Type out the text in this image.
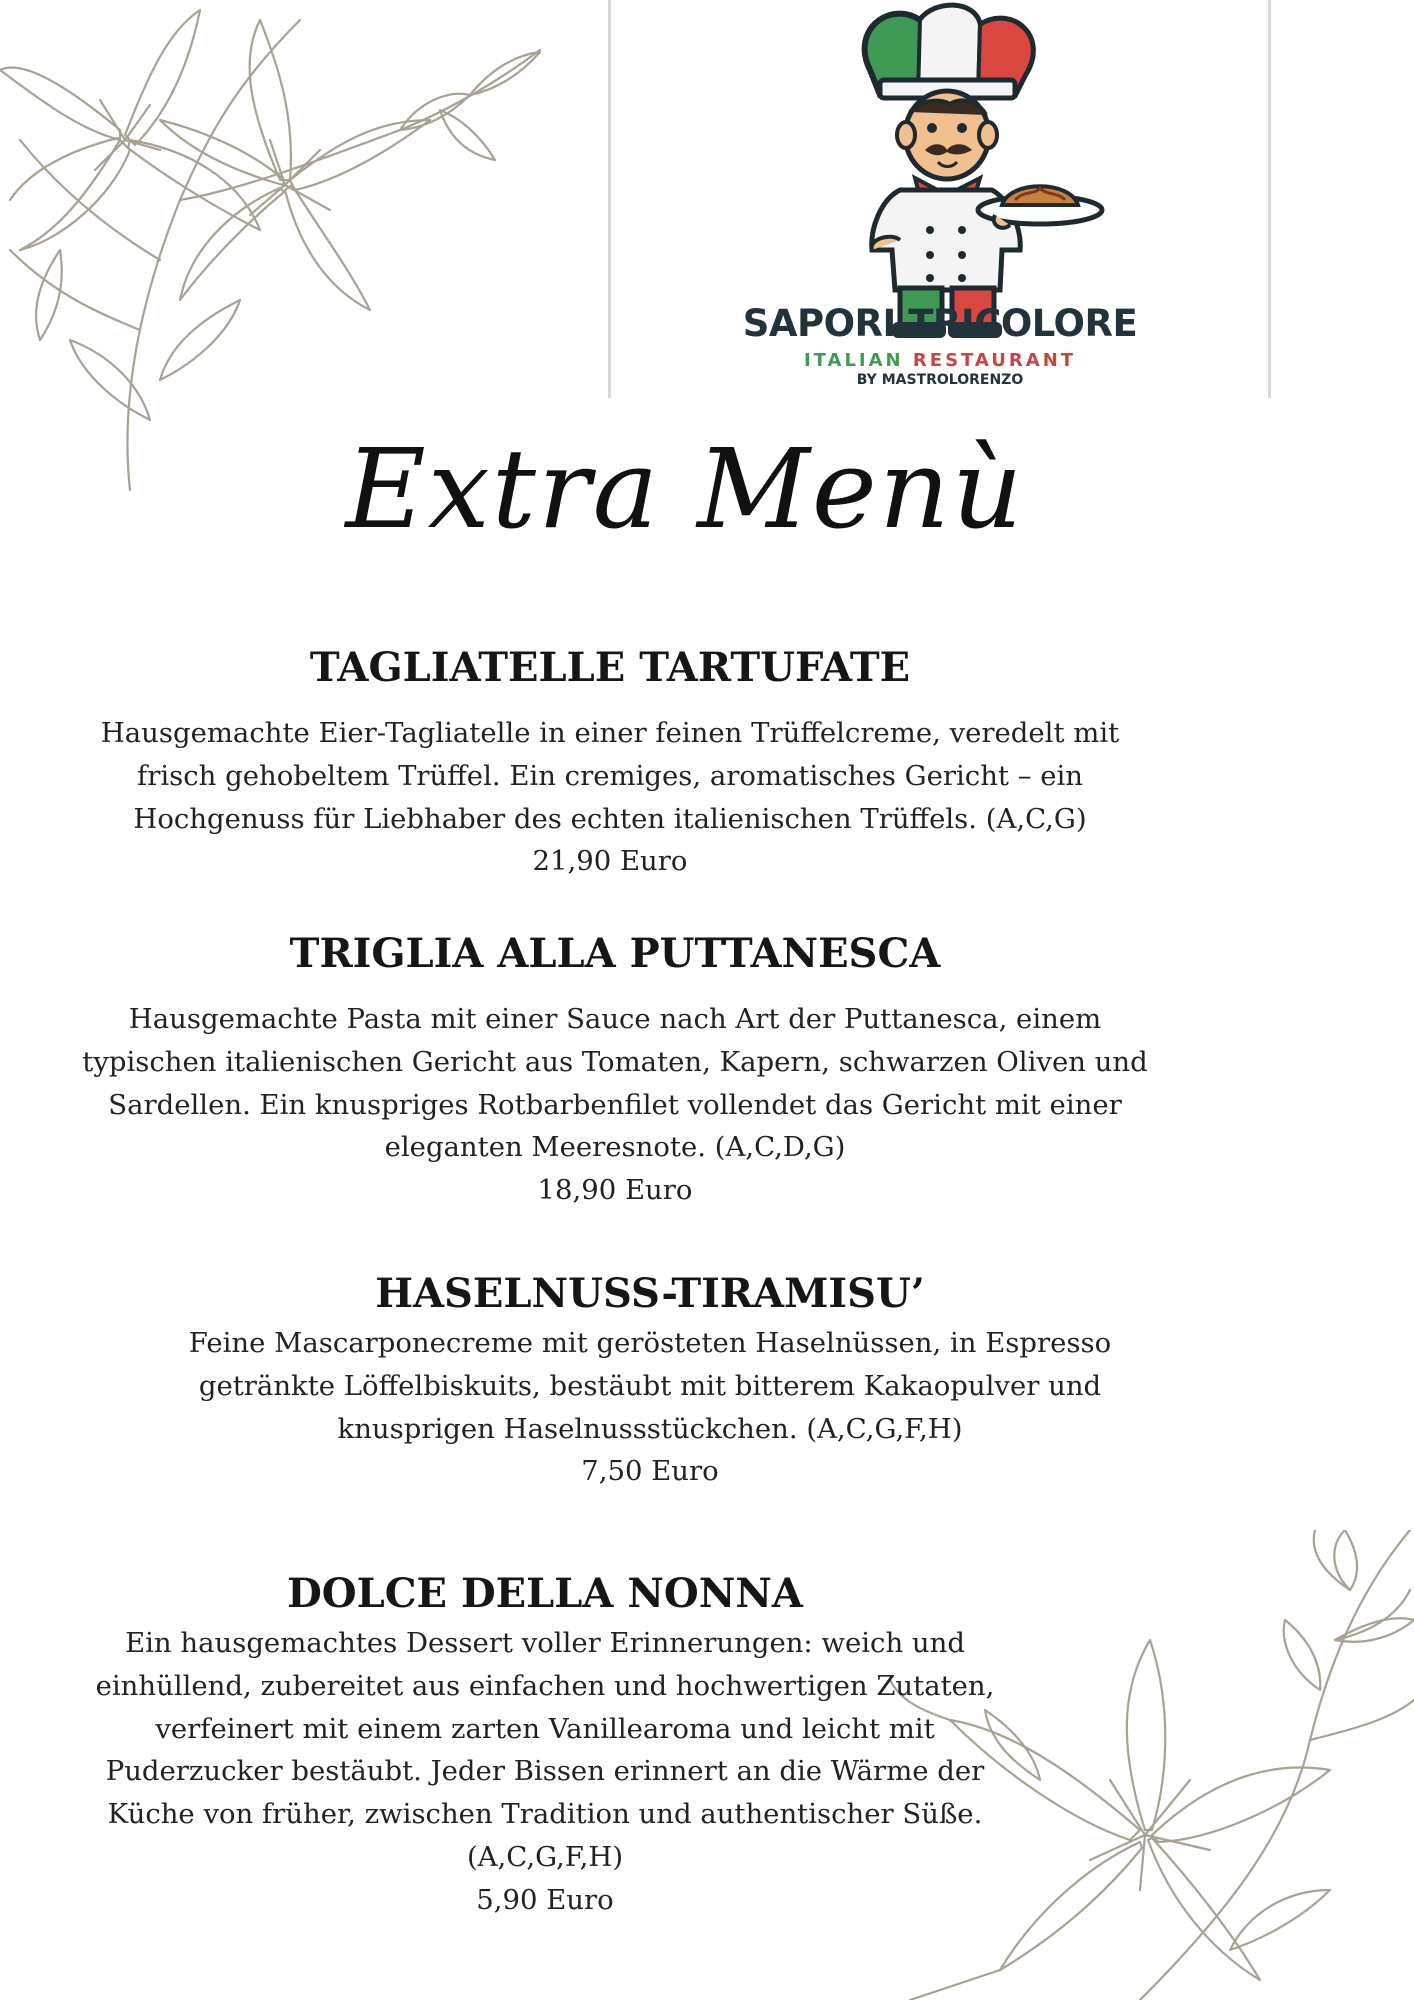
SAPORI TRICOLORE
ITALIAN RESTAURANT
BY MASTROLORENZO
Extra Menù
TAGLIATELLE TARTUFATE
Hausgemachte Eier-Tagliatelle in einer feinen Trüffelcreme, veredelt mit
frisch gehobeltem Trüffel. Ein cremiges, aromatisches Gericht – ein
Hochgenuss für Liebhaber des echten italienischen Trüffels. (A,C,G)
21,90 Euro
TRIGLIA ALLA PUTTANESCA
Hausgemachte Pasta mit einer Sauce nach Art der Puttanesca, einem
typischen italienischen Gericht aus Tomaten, Kapern, schwarzen Oliven und
Sardellen. Ein knuspriges Rotbarbenfilet vollendet das Gericht mit einer
eleganten Meeresnote. (A,C,D,G)
18,90 Euro
HASELNUSS-TIRAMISU’
Feine Mascarponecreme mit gerösteten Haselnüssen, in Espresso
getränkte Löffelbiskuits, bestäubt mit bitterem Kakaopulver und
knusprigen Haselnussstückchen. (A,C,G,F,H)
7,50 Euro
DOLCE DELLA NONNA
Ein hausgemachtes Dessert voller Erinnerungen: weich und
einhüllend, zubereitet aus einfachen und hochwertigen Zutaten,
verfeinert mit einem zarten Vanillearoma und leicht mit
Puderzucker bestäubt. Jeder Bissen erinnert an die Wärme der
Küche von früher, zwischen Tradition und authentischer Süße.
(A,C,G,F,H)
5,90 Euro
